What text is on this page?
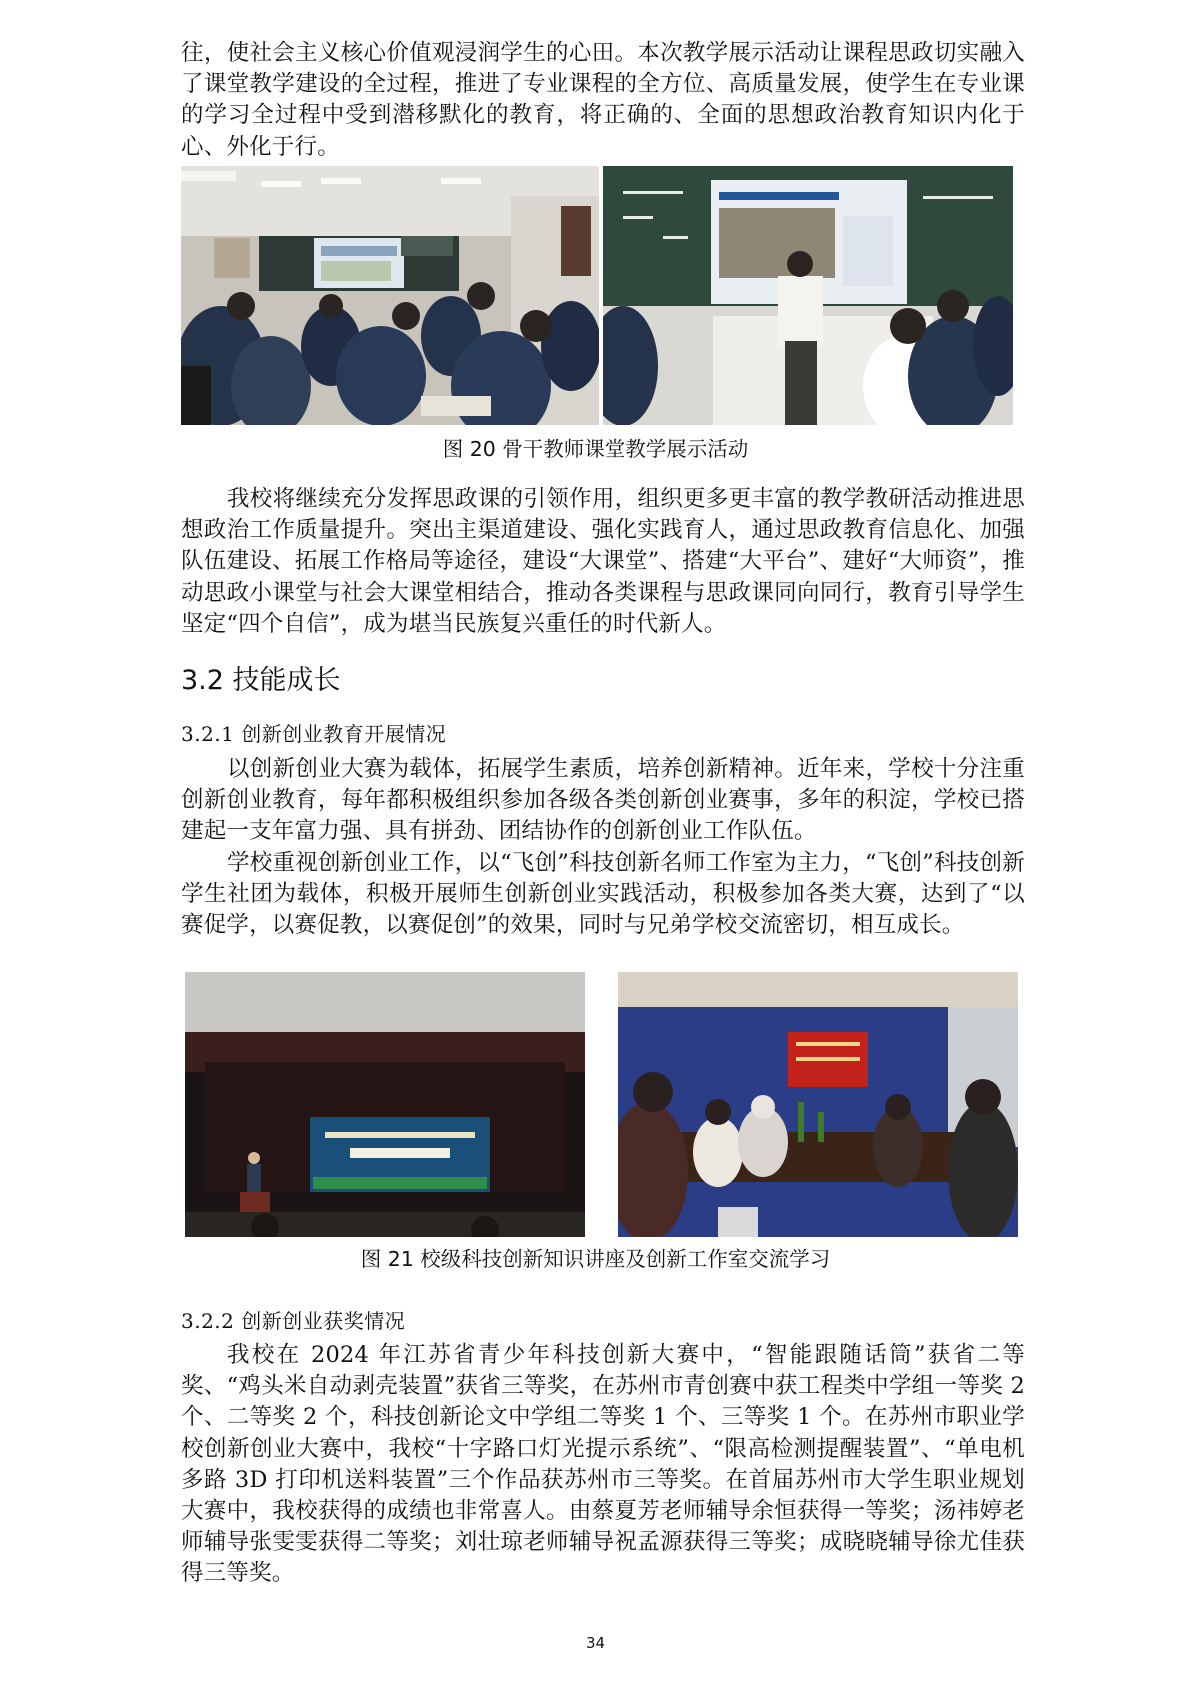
往，使社会主义核心价值观浸润学生的心田。本次教学展示活动让课程思政切实融入了课堂教学建设的全过程，推进了专业课程的全方位、高质量发展，使学生在专业课的学习全过程中受到潜移默化的教育，将正确的、全面的思想政治教育知识内化于心、外化于行。

图 20 骨干教师课堂教学展示活动

我校将继续充分发挥思政课的引领作用，组织更多更丰富的教学教研活动推进思想政治工作质量提升。突出主渠道建设、强化实践育人，通过思政教育信息化、加强队伍建设、拓展工作格局等途径，建设“大课堂”、搭建“大平台”、建好“大师资”，推动思政小课堂与社会大课堂相结合，推动各类课程与思政课同向同行，教育引导学生坚定“四个自信”，成为堪当民族复兴重任的时代新人。

3.2 技能成长
3.2.1 创新创业教育开展情况

以创新创业大赛为载体，拓展学生素质，培养创新精神。近年来，学校十分注重创新创业教育，每年都积极组织参加各级各类创新创业赛事，多年的积淀，学校已搭建起一支年富力强、具有拼劲、团结协作的创新创业工作队伍。

学校重视创新创业工作，以“飞创”科技创新名师工作室为主力，“飞创”科技创新学生社团为载体，积极开展师生创新创业实践活动，积极参加各类大赛，达到了“以赛促学，以赛促教，以赛促创”的效果，同时与兄弟学校交流密切，相互成长。

图 21 校级科技创新知识讲座及创新工作室交流学习

3.2.2 创新创业获奖情况

我校在 2024 年江苏省青少年科技创新大赛中，“智能跟随话筒”获省二等奖、“鸡头米自动剥壳装置”获省三等奖，在苏州市青创赛中获工程类中学组一等奖 2 个、二等奖 2 个，科技创新论文中学组二等奖 1 个、三等奖 1 个。在苏州市职业学校创新创业大赛中，我校“十字路口灯光提示系统”、“限高检测提醒装置”、“单电机多路 3D 打印机送料装置”三个作品获苏州市三等奖。在首届苏州市大学生职业规划大赛中，我校获得的成绩也非常喜人。由蔡夏芳老师辅导余恒获得一等奖；汤祎婷老师辅导张雯雯获得二等奖；刘壮琼老师辅导祝孟源获得三等奖；成晓晓辅导徐尤佳获得三等奖。

34
